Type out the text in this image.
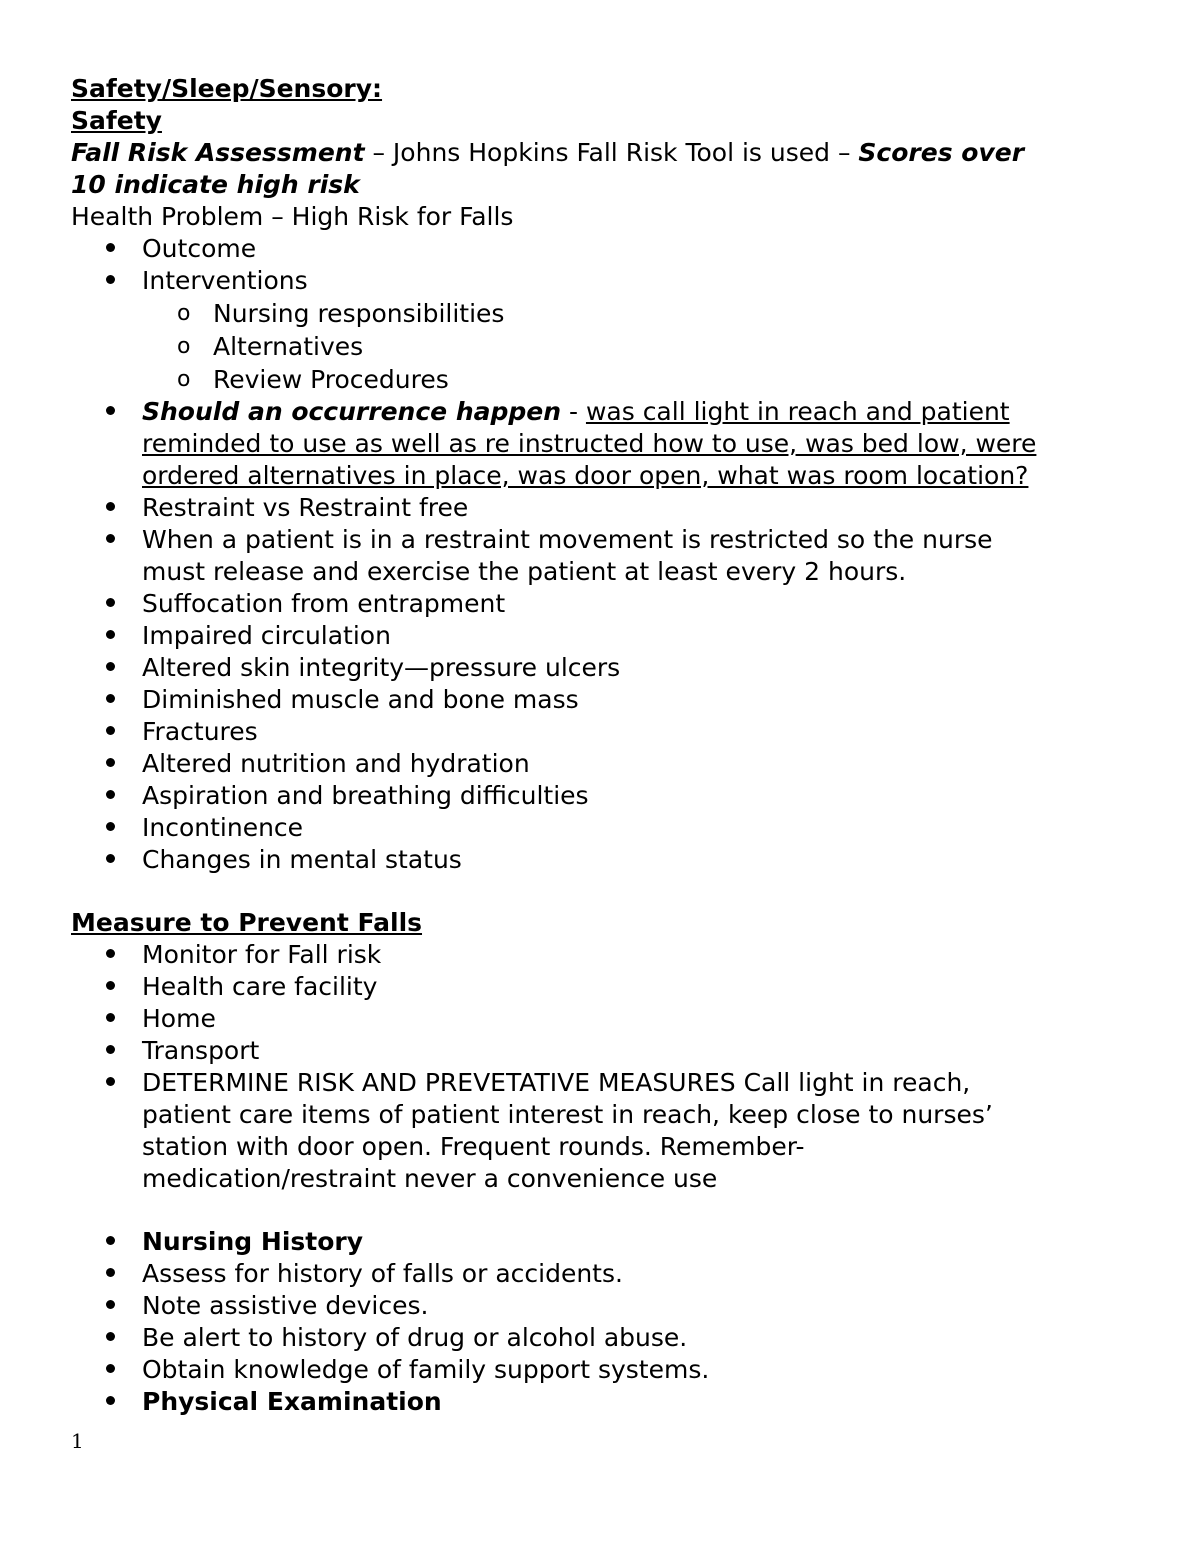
Safety/Sleep/Sensory:
Safety
Fall Risk Assessment – Johns Hopkins Fall Risk Tool is used – Scores over
10 indicate high risk
Health Problem – High Risk for Falls
Outcome
Interventions
o Nursing responsibilities
o Alternatives
o Review Procedures
Should an occurrence happen - was call light in reach and patient
reminded to use as well as re instructed how to use, was bed low, were
ordered alternatives in place, was door open, what was room location?
Restraint vs Restraint free
When a patient is in a restraint movement is restricted so the nurse
must release and exercise the patient at least every 2 hours.
Suffocation from entrapment
Impaired circulation
Altered skin integrity—pressure ulcers
Diminished muscle and bone mass
Fractures
Altered nutrition and hydration
Aspiration and breathing difficulties
Incontinence
Changes in mental status
Measure to Prevent Falls
Monitor for Fall risk
Health care facility
Home
Transport
DETERMINE RISK AND PREVETATIVE MEASURES Call light in reach,
patient care items of patient interest in reach, keep close to nurses’
station with door open. Frequent rounds. Remember-
medication/restraint never a convenience use
Nursing History
Assess for history of falls or accidents.
Note assistive devices.
Be alert to history of drug or alcohol abuse.
Obtain knowledge of family support systems.
Physical Examination
1
